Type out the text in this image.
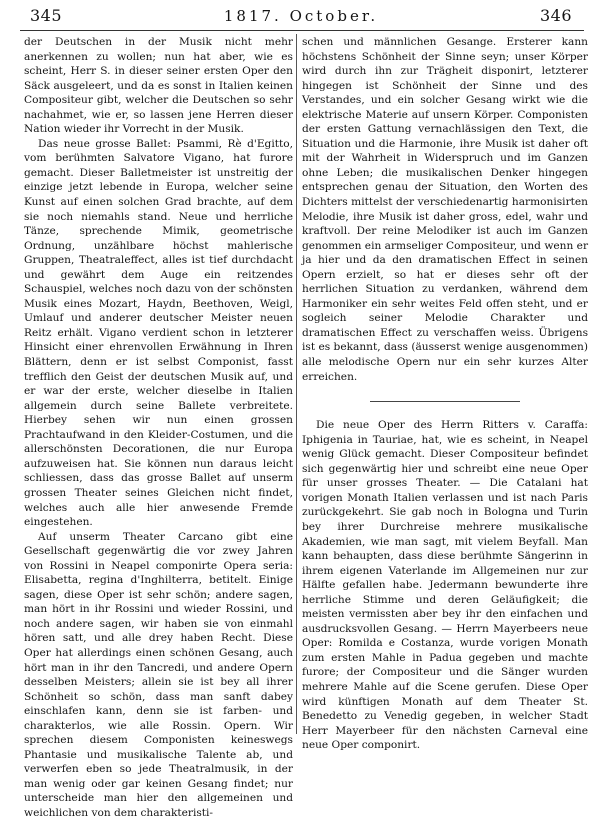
345	1817. October.	346

der Deutschen in der Musik nicht mehr anerkennen zu wollen; nun hat aber, wie es scheint, Herr S. in dieser seiner ersten Oper den Säck ausgeleert, und da es sonst in Italien keinen Compositeur gibt, welcher die Deutschen so sehr nachahmet, wie er, so lassen jene Herren dieser Nation wieder ihr Vorrecht in der Musik.

Das neue grosse Ballet: Psammi, Rè d'Egitto, vom berühmten Salvatore Vigano, hat furore gemacht. Dieser Balletmeister ist unstreitig der einzige jetzt lebende in Europa, welcher seine Kunst auf einen solchen Grad brachte, auf dem sie noch niemahls stand. Neue und herrliche Tänze, sprechende Mimik, geometrische Ordnung, unzählbare höchst mahlerische Gruppen, Theatraleffect, alles ist tief durchdacht und gewährt dem Auge ein reitzendes Schauspiel, welches noch dazu von der schönsten Musik eines Mozart, Haydn, Beethoven, Weigl, Umlauf und anderer deutscher Meister neuen Reitz erhält. Vigano verdient schon in letzterer Hinsicht einer ehrenvollen Erwähnung in Ihren Blättern, denn er ist selbst Componist, fasst trefflich den Geist der deutschen Musik auf, und er war der erste, welcher dieselbe in Italien allgemein durch seine Ballete verbreitete. Hierbey sehen wir nun einen grossen Prachtaufwand in den Kleider-Costumen, und die allerschönsten Decorationen, die nur Europa aufzuweisen hat. Sie können nun daraus leicht schliessen, dass das grosse Ballet auf unserm grossen Theater seines Gleichen nicht findet, welches auch alle hier anwesende Fremde eingestehen.

Auf unserm Theater Carcano gibt eine Gesellschaft gegenwärtig die vor zwey Jahren von Rossini in Neapel componirte Opera seria: Elisabetta, regina d'Inghilterra, betitelt. Einige sagen, diese Oper ist sehr schön; andere sagen, man hört in ihr Rossini und wieder Rossini, und noch andere sagen, wir haben sie von einmahl hören satt, und alle drey haben Recht. Diese Oper hat allerdings einen schönen Gesang, auch hört man in ihr den Tancredi, und andere Opern desselben Meisters; allein sie ist bey all ihrer Schönheit so schön, dass man sanft dabey einschlafen kann, denn sie ist farben- und charakterlos, wie alle Rossin. Opern. Wir sprechen diesem Componisten keineswegs Phantasie und musikalische Talente ab, und verwerfen eben so jede Theatralmusik, in der man wenig oder gar keinen Gesang findet; nur unterscheide man hier den allgemeinen und weichlichen von dem charakteristi-

schen und männlichen Gesange. Ersterer kann höchstens Schönheit der Sinne seyn; unser Körper wird durch ihn zur Trägheit disponirt, letzterer hingegen ist Schönheit der Sinne und des Verstandes, und ein solcher Gesang wirkt wie die elektrische Materie auf unsern Körper. Componisten der ersten Gattung vernachlässigen den Text, die Situation und die Harmonie, ihre Musik ist daher oft mit der Wahrheit in Widerspruch und im Ganzen ohne Leben; die musikalischen Denker hingegen entsprechen genau der Situation, den Worten des Dichters mittelst der verschiedenartig harmonisirten Melodie, ihre Musik ist daher gross, edel, wahr und kraftvoll. Der reine Melodiker ist auch im Ganzen genommen ein armseliger Compositeur, und wenn er ja hier und da den dramatischen Effect in seinen Opern erzielt, so hat er dieses sehr oft der herrlichen Situation zu verdanken, während dem Harmoniker ein sehr weites Feld offen steht, und er sogleich seiner Melodie Charakter und dramatischen Effect zu verschaffen weiss. Übrigens ist es bekannt, dass (äusserst wenige ausgenommen) alle melodische Opern nur ein sehr kurzes Alter erreichen.

Die neue Oper des Herrn Ritters v. Caraffa: Iphigenia in Tauriae, hat, wie es scheint, in Neapel wenig Glück gemacht. Dieser Compositeur befindet sich gegenwärtig hier und schreibt eine neue Oper für unser grosses Theater. — Die Catalani hat vorigen Monath Italien verlassen und ist nach Paris zurückgekehrt. Sie gab noch in Bologna und Turin bey ihrer Durchreise mehrere musikalische Akademien, wie man sagt, mit vielem Beyfall. Man kann behaupten, dass diese berühmte Sängerinn in ihrem eigenen Vaterlande im Allgemeinen nur zur Hälfte gefallen habe. Jedermann bewunderte ihre herrliche Stimme und deren Geläufigkeit; die meisten vermissten aber bey ihr den einfachen und ausdrucksvollen Gesang. — Herrn Mayerbeers neue Oper: Romilda e Costanza, wurde vorigen Monath zum ersten Mahle in Padua gegeben und machte furore; der Compositeur und die Sänger wurden mehrere Mahle auf die Scene gerufen. Diese Oper wird künftigen Monath auf dem Theater St. Benedetto zu Venedig gegeben, in welcher Stadt Herr Mayerbeer für den nächsten Carneval eine neue Oper componirt.
